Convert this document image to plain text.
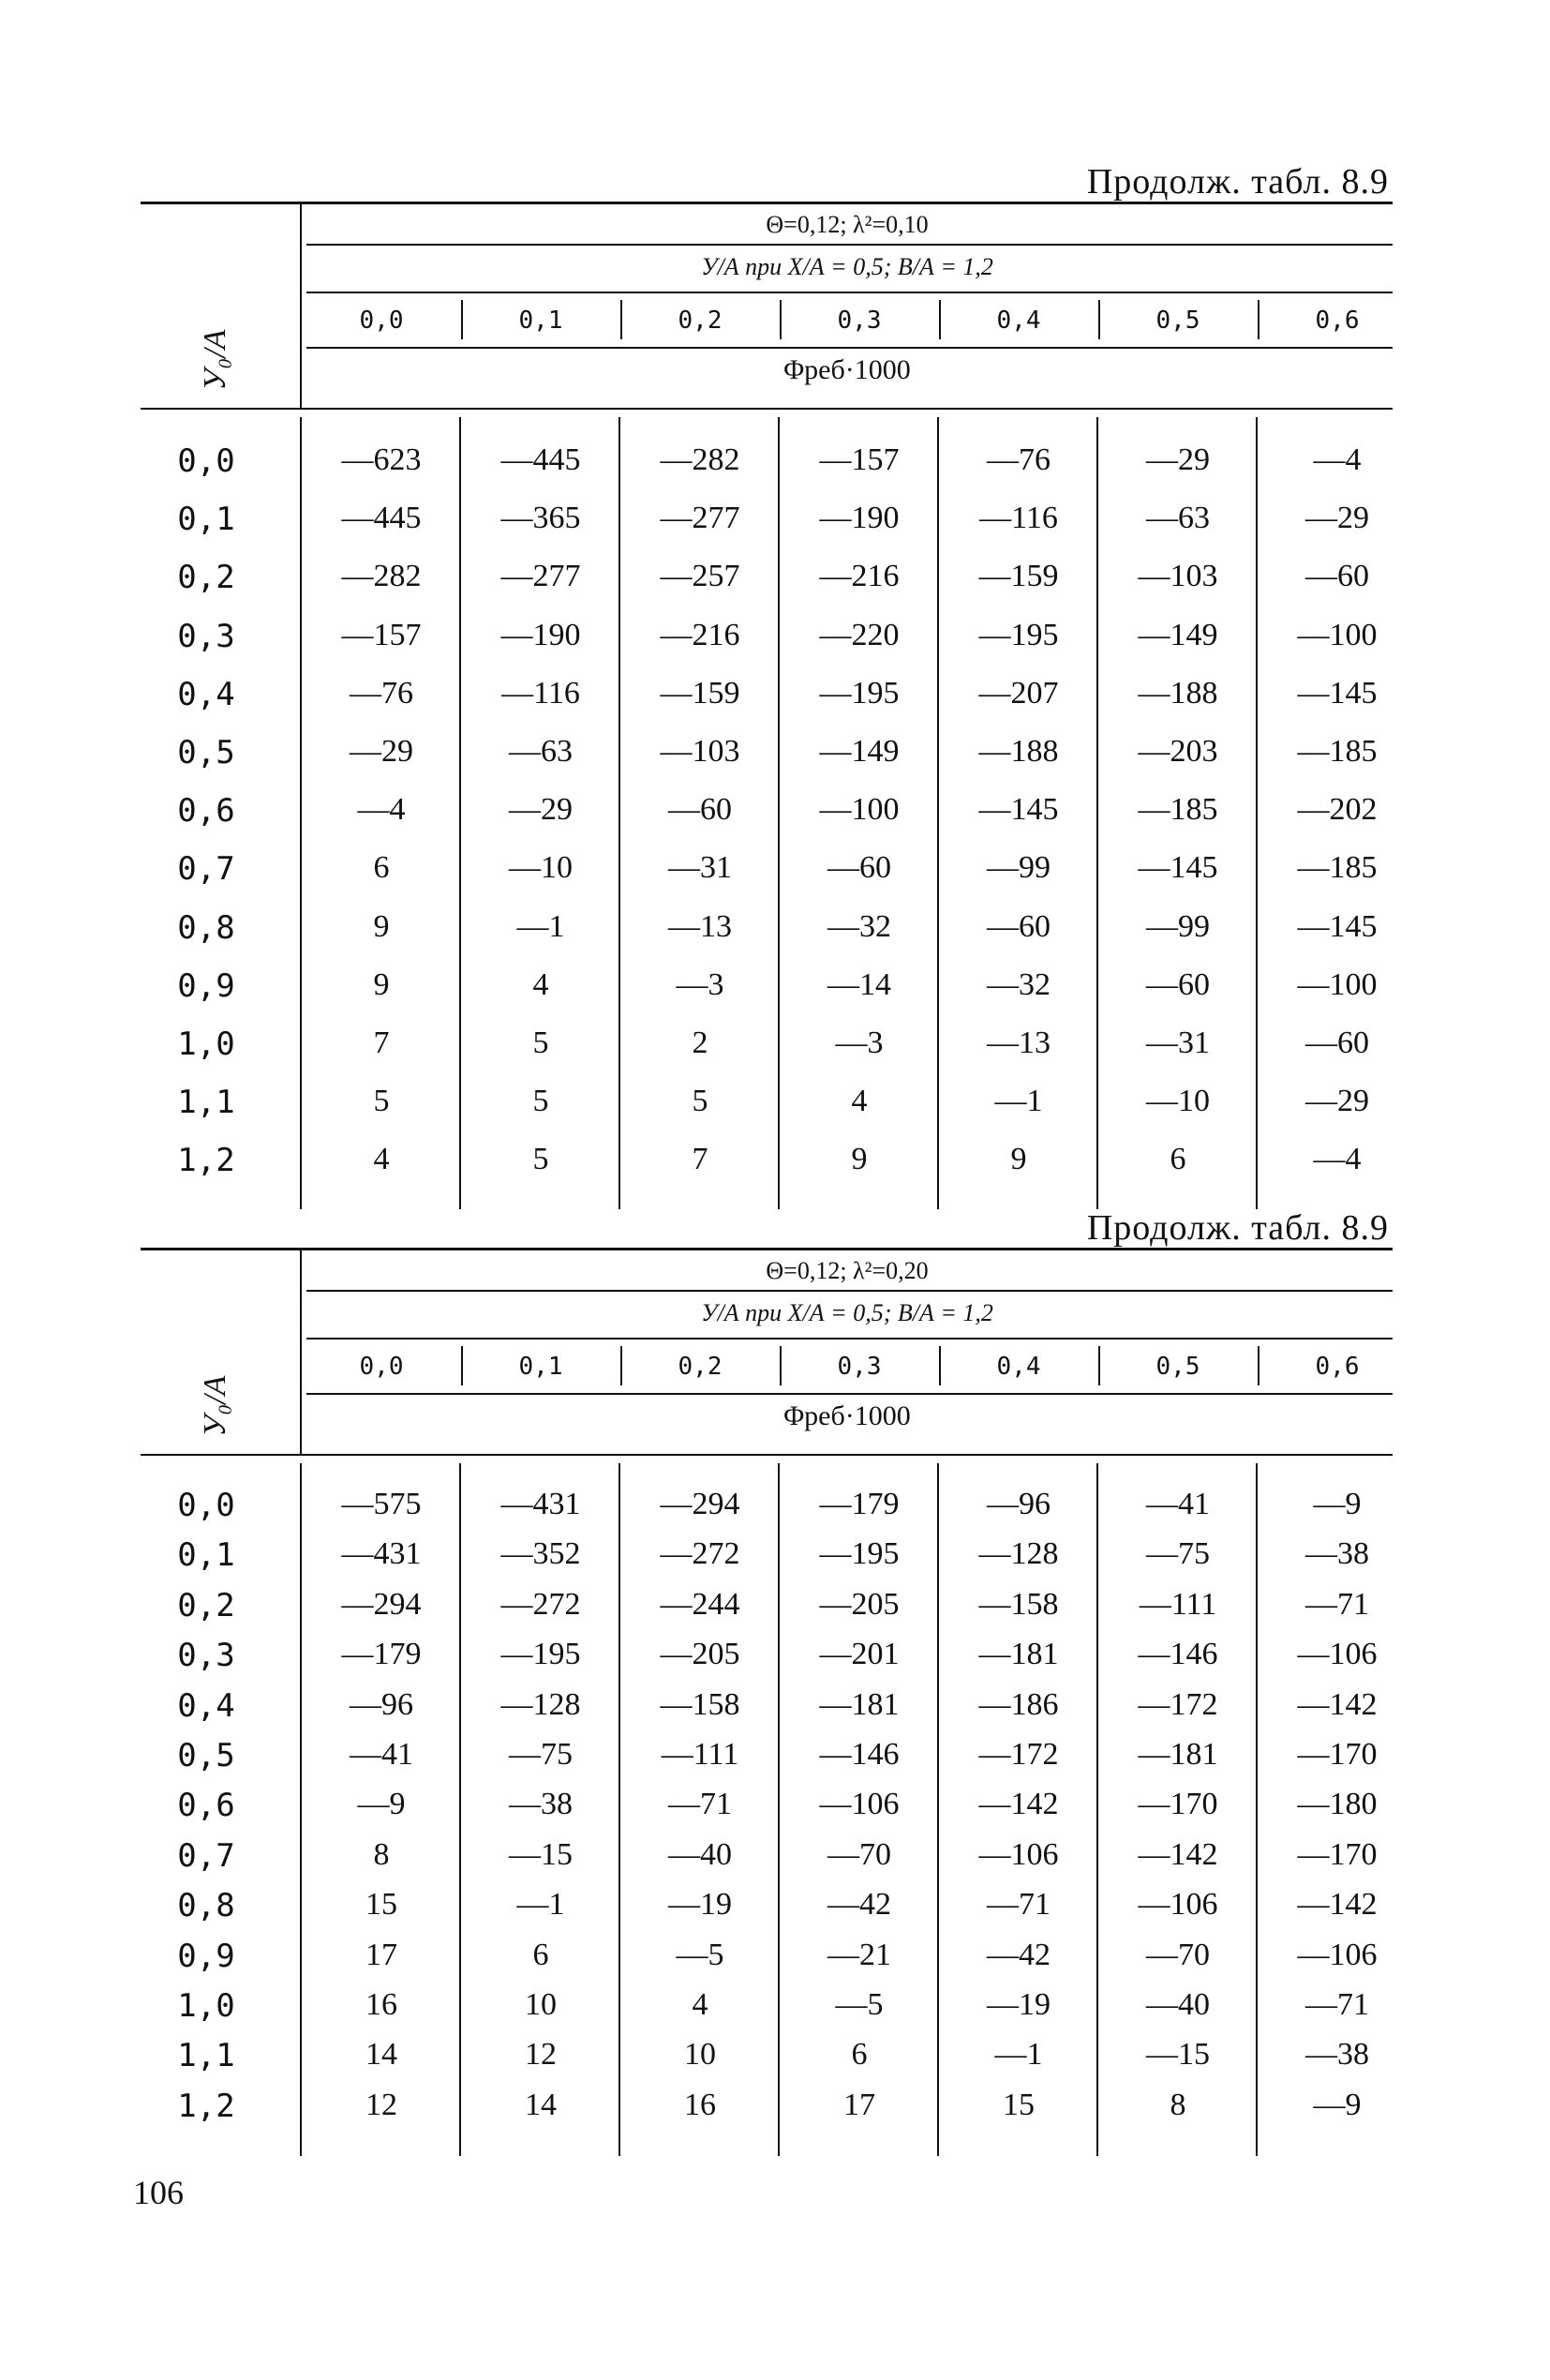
Продолж. табл. 8.9
Θ=0,12; λ²=0,10
У/А при Х/А = 0,5; В/А = 1,2
0,0	0,1	0,2	0,3	0,4	0,5	0,6
Φреб·1000
У₀/А
0,0	—623	—445	—282	—157	—76	—29	—4
0,1	—445	—365	—277	—190	—116	—63	—29
0,2	—282	—277	—257	—216	—159	—103	—60
0,3	—157	—190	—216	—220	—195	—149	—100
0,4	—76	—116	—159	—195	—207	—188	—145
0,5	—29	—63	—103	—149	—188	—203	—185
0,6	—4	—29	—60	—100	—145	—185	—202
0,7	6	—10	—31	—60	—99	—145	—185
0,8	9	—1	—13	—32	—60	—99	—145
0,9	9	4	—3	—14	—32	—60	—100
1,0	7	5	2	—3	—13	—31	—60
1,1	5	5	5	4	—1	—10	—29
1,2	4	5	7	9	9	6	—4
Продолж. табл. 8.9
Θ=0,12; λ²=0,20
У/А при Х/А = 0,5; В/А = 1,2
0,0	0,1	0,2	0,3	0,4	0,5	0,6
Φреб·1000
У₀/А
0,0	—575	—431	—294	—179	—96	—41	—9
0,1	—431	—352	—272	—195	—128	—75	—38
0,2	—294	—272	—244	—205	—158	—111	—71
0,3	—179	—195	—205	—201	—181	—146	—106
0,4	—96	—128	—158	—181	—186	—172	—142
0,5	—41	—75	—111	—146	—172	—181	—170
0,6	—9	—38	—71	—106	—142	—170	—180
0,7	8	—15	—40	—70	—106	—142	—170
0,8	15	—1	—19	—42	—71	—106	—142
0,9	17	6	—5	—21	—42	—70	—106
1,0	16	10	4	—5	—19	—40	—71
1,1	14	12	10	6	—1	—15	—38
1,2	12	14	16	17	15	8	—9
106
